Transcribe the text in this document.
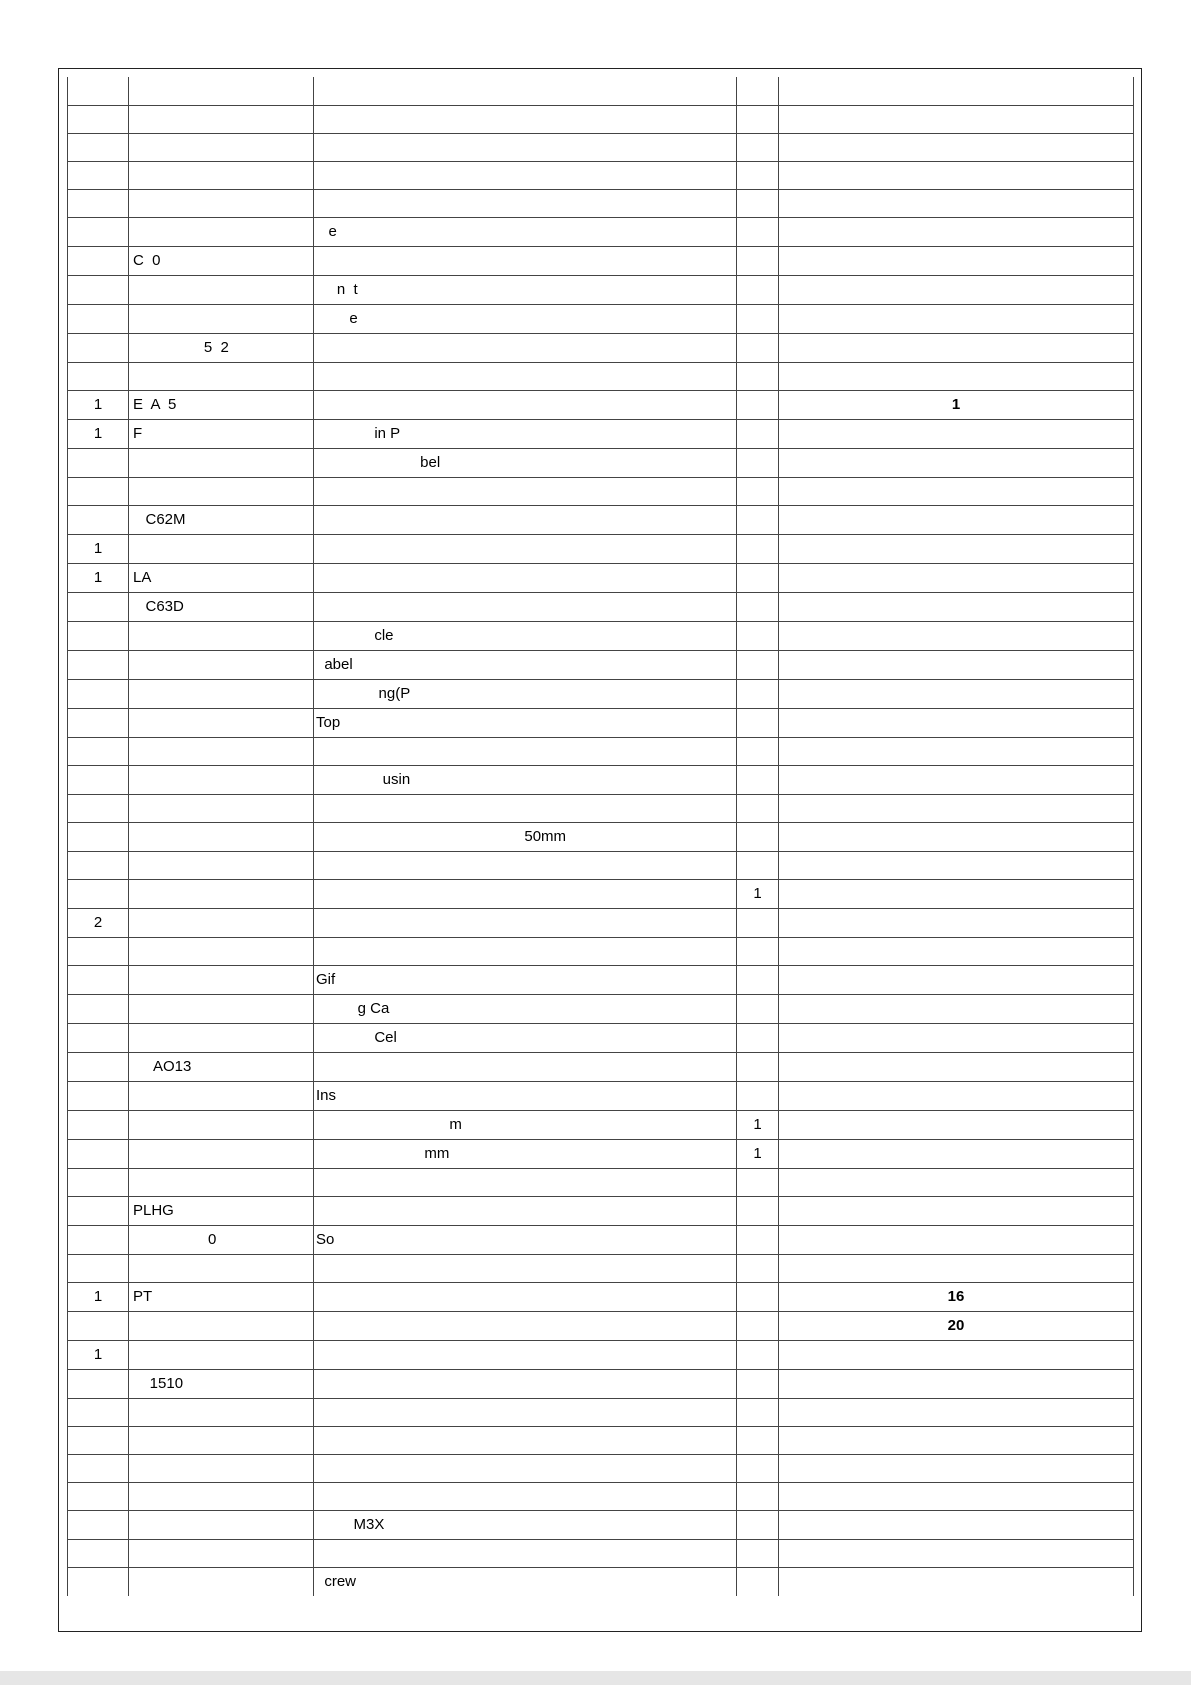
		e		
	C  0			
		n  t		
		e		
	5  2			

1	E  A  5			1
1	F	in P		
		bel		

	C62M			
1				
1	LA			
	C63D			
		cle		
		abel		
		ng(P		
		Top		

		usin		

		50mm		

			1	
2				

		Gif		
		g Ca		
		Cel		
	AO13			
		Ins		
		m	1	
		mm	1	

	PLHG			
	0	So		

1	PT			16
				20
1				
	1510			

		M3X		

		crew		
